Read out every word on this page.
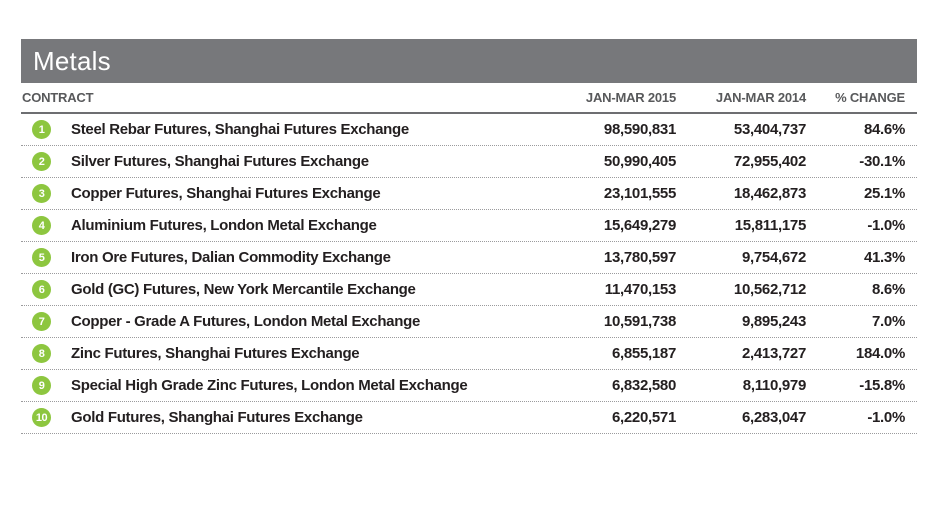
Metals
CONTRACT	JAN-MAR 2015	JAN-MAR 2014	% CHANGE
1	Steel Rebar Futures, Shanghai Futures Exchange	98,590,831	53,404,737	84.6%
2	Silver Futures, Shanghai Futures Exchange	50,990,405	72,955,402	-30.1%
3	Copper Futures, Shanghai Futures Exchange	23,101,555	18,462,873	25.1%
4	Aluminium Futures, London Metal Exchange	15,649,279	15,811,175	-1.0%
5	Iron Ore Futures, Dalian Commodity Exchange	13,780,597	9,754,672	41.3%
6	Gold (GC) Futures, New York Mercantile Exchange	11,470,153	10,562,712	8.6%
7	Copper - Grade A Futures, London Metal Exchange	10,591,738	9,895,243	7.0%
8	Zinc Futures, Shanghai Futures Exchange	6,855,187	2,413,727	184.0%
9	Special High Grade Zinc Futures, London Metal Exchange	6,832,580	8,110,979	-15.8%
10	Gold Futures, Shanghai Futures Exchange	6,220,571	6,283,047	-1.0%
